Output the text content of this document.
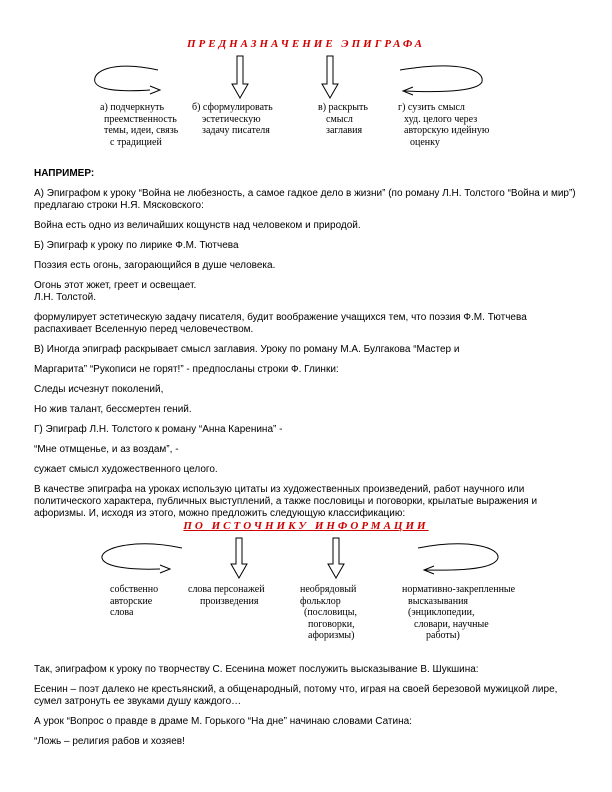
ПРЕДНАЗНАЧЕНИЕ ЭПИГРАФА
а) подчеркнуть
преемственность
темы, идеи, связь
с традицией
б) сформулировать
эстетическую
задачу писателя
в) раскрыть
смысл
заглавия
г) сузить смысл
худ. целого через
авторскую идейную
оценку

НАПРИМЕР:

А) Эпиграфом к уроку “Война не любезность, а самое гадкое дело в жизни” (по роману Л.Н. Толстого “Война и мир”) предлагаю строки Н.Я. Мясковского:

Война есть одно из величайших кощунств над человеком и природой.

Б) Эпиграф к уроку по лирике Ф.М. Тютчева

Поэзия есть огонь, загорающийся в душе человека.

Огонь этот жжет, греет и освещает.

Л.Н. Толстой.

формулирует эстетическую задачу писателя, будит воображение учащихся тем, что поэзия Ф.М. Тютчева распахивает Вселенную перед человечеством.

В) Иногда эпиграф раскрывает смысл заглавия. Уроку по роману М.А. Булгакова “Мастер и

Маргарита” “Рукописи не горят!” - предпосланы строки Ф. Глинки:

Следы исчезнут поколений,

Но жив талант, бессмертен гений.

Г) Эпиграф Л.Н. Толстого к роману “Анна Каренина” -

“Мне отмщенье, и аз воздам”, -

сужает смысл художественного целого.

В качестве эпиграфа на уроках использую цитаты из художественных произведений, работ научного или политического характера, публичных выступлений, а также пословицы и поговорки, крылатые выражения и афоризмы. И, исходя из этого, можно предложить следующую классификацию:

ПО ИСТОЧНИКУ ИНФОРМАЦИИ
собственно
авторские
слова
слова персонажей
произведения
необрядовый
фольклор
(пословицы,
поговорки,
афоризмы)
нормативно-закрепленные
высказывания
(энциклопедии,
словари, научные
работы)

Так, эпиграфом к уроку по творчеству С. Есенина может послужить высказывание В. Шукшина:

Есенин – поэт далеко не крестьянский, а общенародный, потому что, играя на своей березовой мужицкой лире, сумел затронуть ее звуками душу каждого…

А урок “Вопрос о правде в драме М. Горького “На дне” начинаю словами Сатина:

“Ложь – религия рабов и хозяев!
